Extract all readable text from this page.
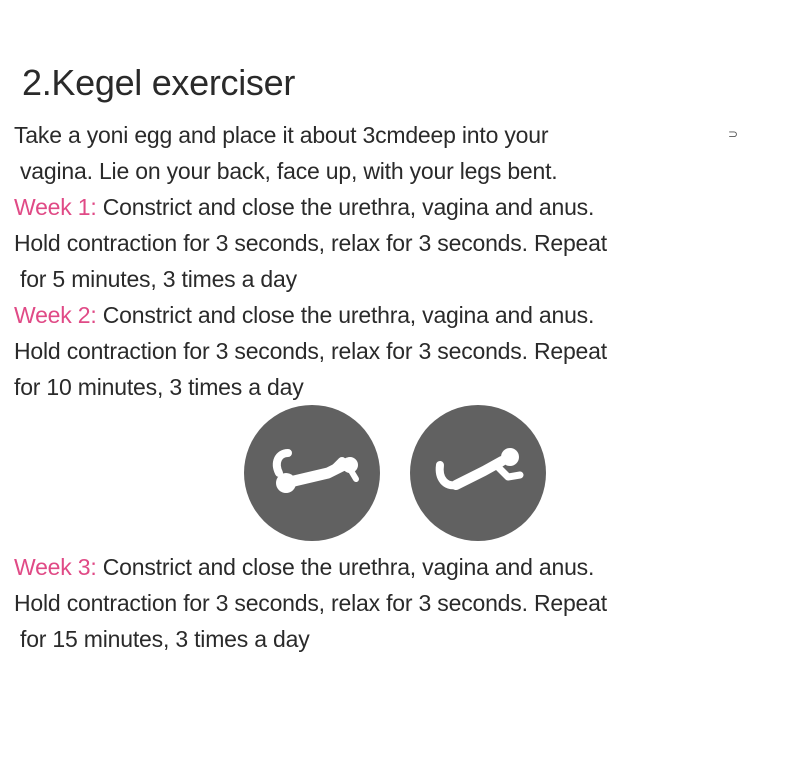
2.Kegel exerciser
⊃
Take a yoni egg and place it about 3cmdeep into your
vagina. Lie on your back, face up, with your legs bent.
Week 1: Constrict and close the urethra, vagina and anus.
Hold contraction for 3 seconds, relax for 3 seconds. Repeat
for 5 minutes, 3 times a day
Week 2: Constrict and close the urethra, vagina and anus.
Hold contraction for 3 seconds, relax for 3 seconds. Repeat
for 10 minutes, 3 times a day
Week 3: Constrict and close the urethra, vagina and anus.
Hold contraction for 3 seconds, relax for 3 seconds. Repeat
for 15 minutes, 3 times a day
